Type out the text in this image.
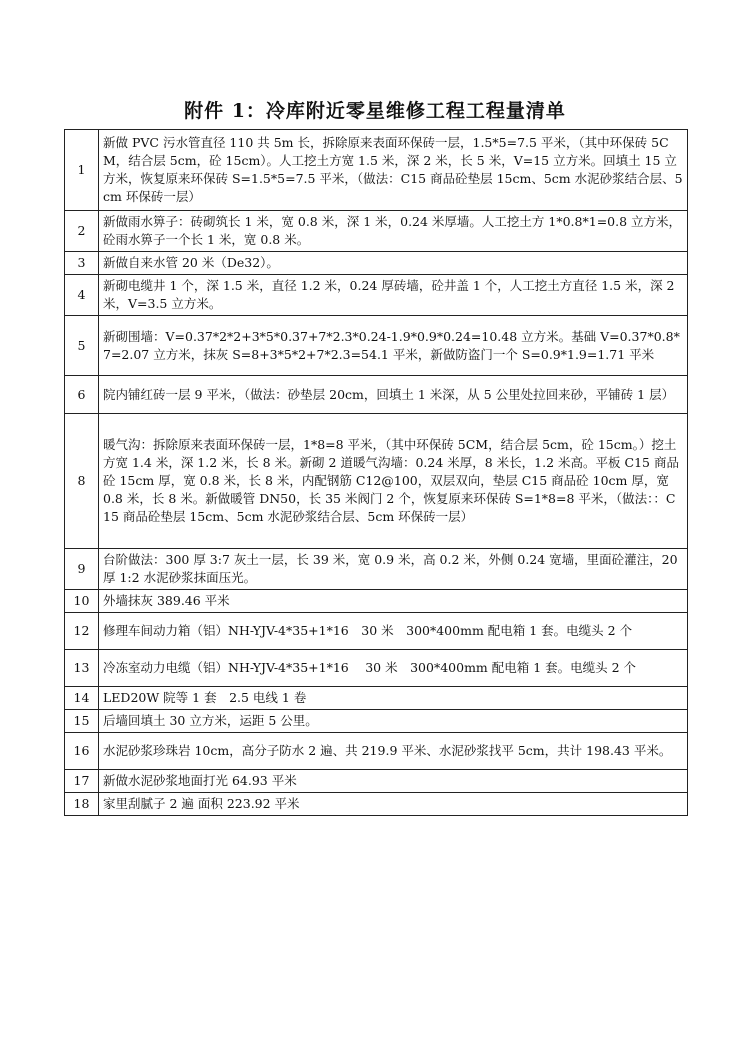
附件 1：冷库附近零星维修工程工程量清单
1	新做 PVC 污水管直径 110 共 5m 长，拆除原来表面环保砖一层，1.5*5=7.5 平米，（其中环保砖 5CM，结合层 5cm，砼 15cm）。人工挖土方宽 1.5 米，深 2 米，长 5 米，V=15 立方米。回填土 15 立方米，恢复原来环保砖 S=1.5*5=7.5 平米，（做法：C15 商品砼垫层 15cm、5cm 水泥砂浆结合层、5cm 环保砖一层）
2	新做雨水箅子：砖砌筑长 1 米，宽 0.8 米，深 1 米，0.24 米厚墙。人工挖土方 1*0.8*1=0.8 立方米，砼雨水箅子一个长 1 米，宽 0.8 米。
3	新做自来水管 20 米（De32）。
4	新砌电缆井 1 个，深 1.5 米，直径 1.2 米，0.24 厚砖墙，砼井盖 1 个，人工挖土方直径 1.5 米，深 2 米，V=3.5 立方米。
5	新砌围墙：V=0.37*2*2+3*5*0.37+7*2.3*0.24-1.9*0.9*0.24=10.48 立方米。基础 V=0.37*0.8*7=2.07 立方米，抹灰 S=8+3*5*2+7*2.3=54.1 平米，新做防盗门一个 S=0.9*1.9=1.71 平米
6	院内铺红砖一层 9 平米，（做法：砂垫层 20cm，回填土 1 米深，从 5 公里处拉回来砂，平铺砖 1 层）
8	暖气沟：拆除原来表面环保砖一层，1*8=8 平米，（其中环保砖 5CM，结合层 5cm，砼 15cm。）挖土方宽 1.4 米，深 1.2 米，长 8 米。新砌 2 道暖气沟墙：0.24 米厚，8 米长，1.2 米高。平板 C15 商品砼 15cm 厚，宽 0.8 米，长 8 米，内配钢筋 C12@100，双层双向，垫层 C15 商品砼 10cm 厚，宽 0.8 米，长 8 米。新做暖管 DN50，长 35 米阀门 2 个，恢复原来环保砖 S=1*8=8 平米，（做法：：C15 商品砼垫层 15cm、5cm 水泥砂浆结合层、5cm 环保砖一层）
9	台阶做法：300 厚 3:7 灰土一层，长 39 米，宽 0.9 米，高 0.2 米，外侧 0.24 宽墙，里面砼灌注，20 厚 1:2 水泥砂浆抹面压光。
10	外墙抹灰 389.46 平米
12	修理车间动力箱（铝）NH-YJV-4*35+1*16　30 米　300*400mm 配电箱 1 套。电缆头 2 个
13	冷冻室动力电缆（铝）NH-YJV-4*35+1*16　 30 米　300*400mm 配电箱 1 套。电缆头 2 个
14	LED20W 院等 1 套　2.5 电线 1 卷
15	后墙回填土 30 立方米，运距 5 公里。
16	水泥砂浆珍珠岩 10cm，高分子防水 2 遍、共 219.9 平米、水泥砂浆找平 5cm，共计 198.43 平米。
17	新做水泥砂浆地面打光 64.93 平米
18	家里刮腻子 2 遍 面积 223.92 平米
